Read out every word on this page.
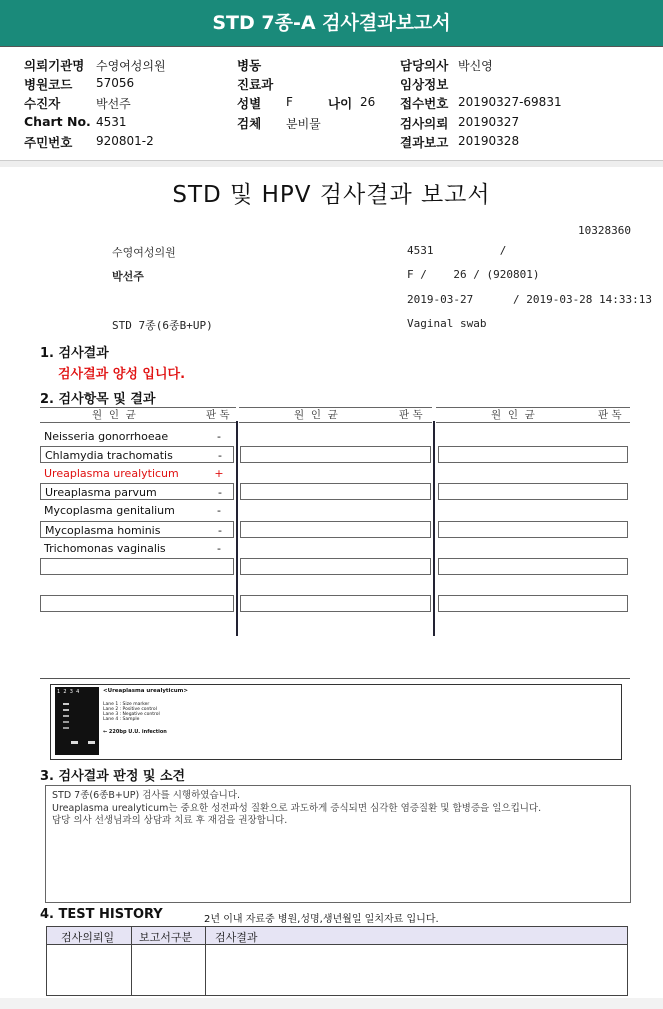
STD 7종-A 검사결과보고서
의뢰기관명 수영여성의원
병원코드 57056
수진자	박선주
Chart No. 4531
주민번호 920801-2
병동
진료과
성별 F	나이 26
검체 분비물
담당의사 박신영
임상정보
접수번호 20190327-69831
검사의뢰 20190327
결과보고 20190328
STD 및 HPV 검사결과 보고서
10328360
수영여성의원	4531          /
박선주	F /    26 / (920801)
2019-03-27      / 2019-03-28 14:33:13
STD 7종(6종B+UP)	Vaginal swab
1. 검사결과
검사결과 양성 입니다.
2. 검사항목 및 결과
원  인  균	판 독	원  인  균	판 독	원  인  균	판 독
Neisseria gonorrhoeae	-
Chlamydia trachomatis	-
Ureaplasma urealyticum	+
Ureaplasma parvum	-
Mycoplasma genitalium	-
Mycoplasma hominis	-
Trichomonas vaginalis	-
1  2  3  4	<Ureaplasma urealyticum>
Lane 1 : Size marker
Lane 2 : Positive control
Lane 3 : Negative control
Lane 4 : Sample
← 220bp U.U. infection
3. 검사결과 판정 및 소견
STD 7종(6종B+UP) 검사를 시행하였습니다.
Ureaplasma urealyticum는 중요한 성전파성 질환으로 과도하게 증식되면 심각한 염증질환 및 합병증을 일으킵니다.
담당 의사 선생님과의 상담과 치료 후 재검을 권장합니다.
4. TEST HISTORY	2년 이내 자료중 병원,성명,생년월일 일치자료 입니다.
검사의뢰일 보고서구분 검사결과
